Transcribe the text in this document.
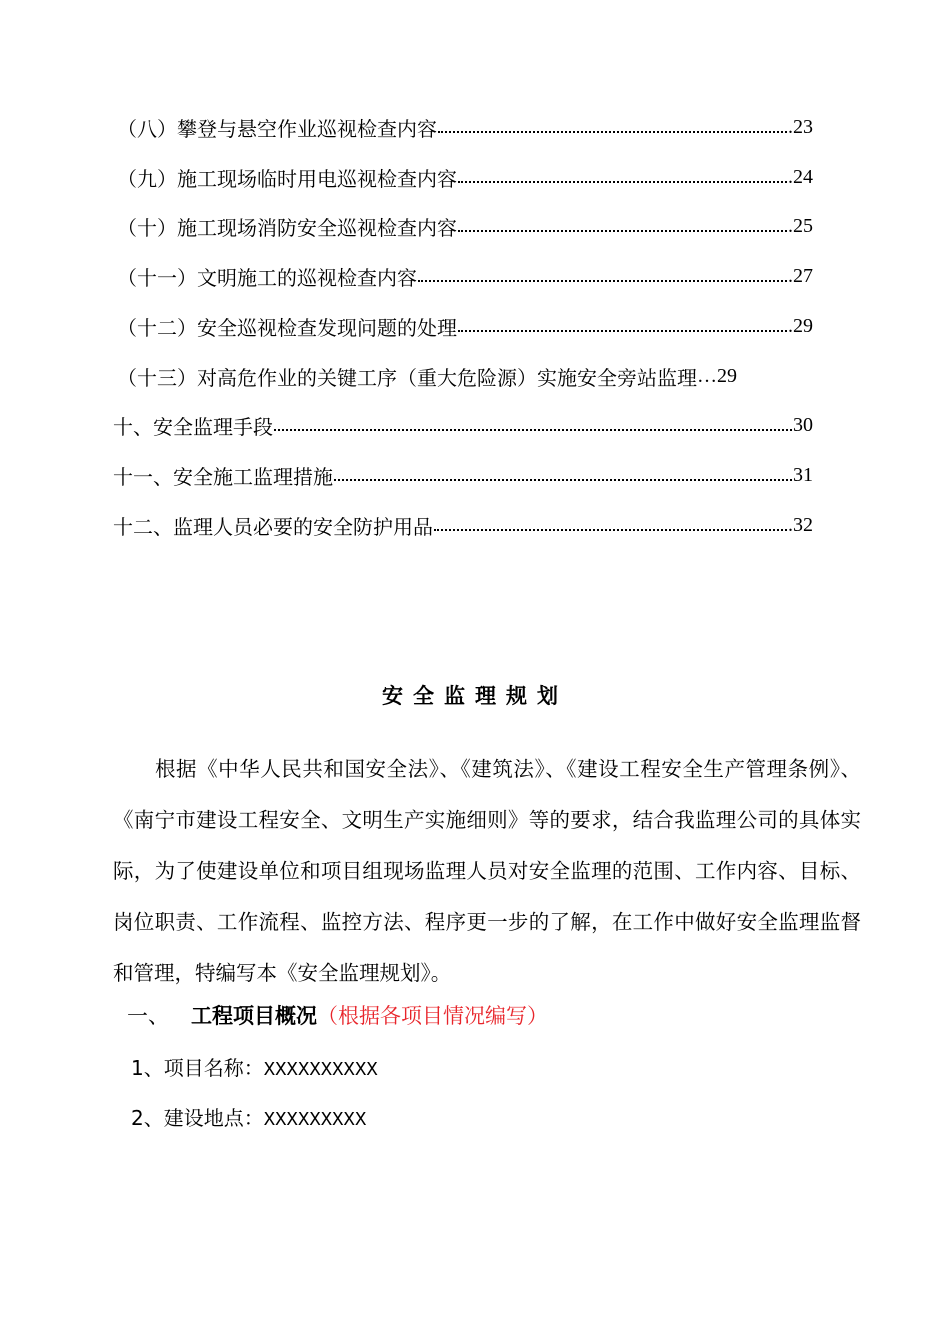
（八）攀登与悬空作业巡视检查内容	.23
（九）施工现场临时用电巡视检查内容	.24
（十）施工现场消防安全巡视检查内容	.25
（十一）文明施工的巡视检查内容	.27
（十二）安全巡视检查发现问题的处理	.29
（十三）对高危作业的关键工序（重大危险源）实施安全旁站监理 …29
十、安全监理手段	30
十一、安全施工监理措施	31
十二、监理人员必要的安全防护用品	.32
安全监理规划

根据《中华人民共和国安全法》、《建筑法》、《建设工程安全生产管理条例》、《南宁市建设工程安全、文明生产实施细则》等的要求，结合我监理公司的具体实际，为了使建设单位和项目组现场监理人员对安全监理的范围、工作内容、目标、岗位职责、工作流程、监控方法、程序更一步的了解，在工作中做好安全监理监督和管理，特编写本《安全监理规划》。

一、 工程项目概况（根据各项目情况编写）
1、项目名称：XXXXXXXXXX
2、建设地点：XXXXXXXXX
